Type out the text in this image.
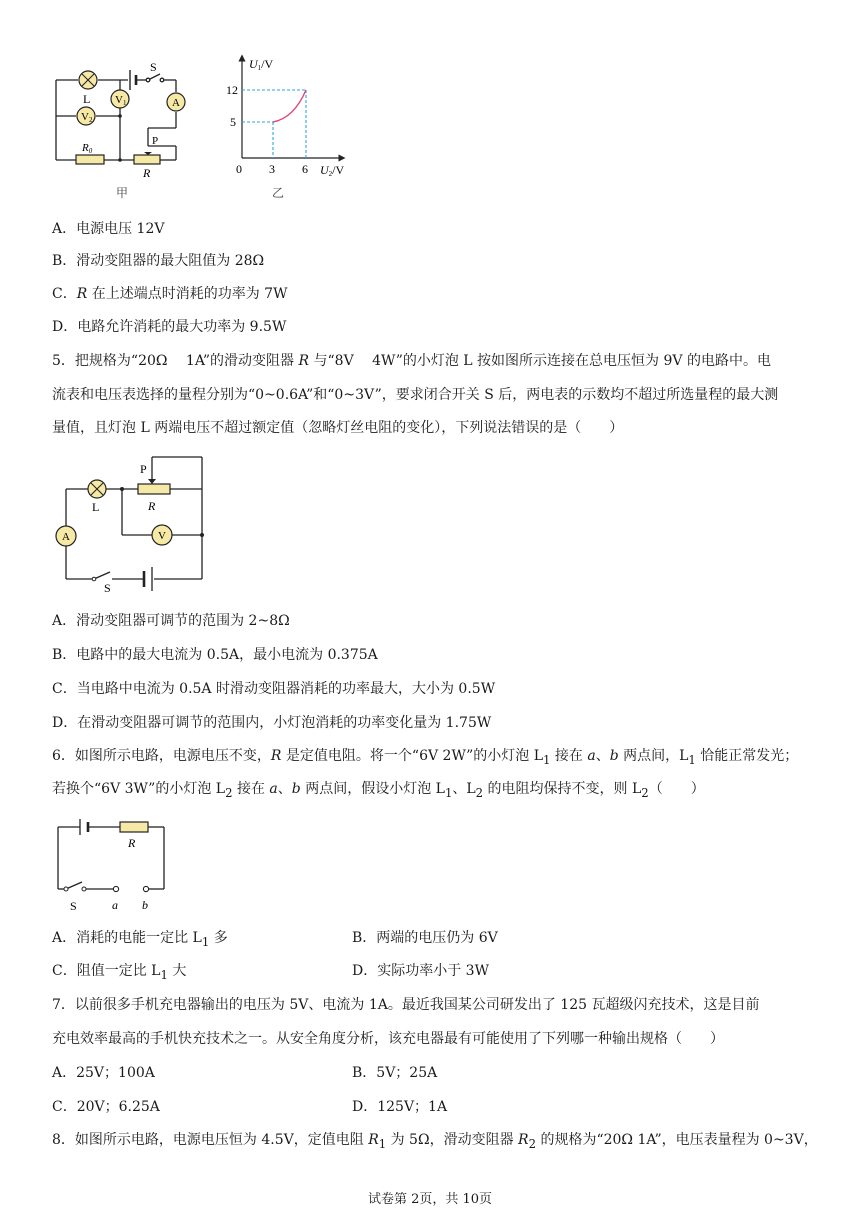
L V1
V2
A
S
R0
P
R
甲
U1/V
12
5
0 3 6 U2/V
乙
A．电源电压 12V
B．滑动变阻器的最大阻值为 28Ω
C．R 在上述端点时消耗的功率为 7W
D．电路允许消耗的最大功率为 9.5W
5．把规格为“20Ω　 1A”的滑动变阻器 R 与“8V　 4W”的小灯泡 L 按如图所示连接在总电压恒为 9V 的电路中。电
流表和电压表选择的量程分别为“0~0.6A”和“0~3V”，要求闭合开关 S 后，两电表的示数均不超过所选量程的最大测
量值，且灯泡 L 两端电压不超过额定值（忽略灯丝电阻的变化），下列说法错误的是（　　）
P
R
L
A	V
S
A．滑动变阻器可调节的范围为 2~8Ω
B．电路中的最大电流为 0.5A，最小电流为 0.375A
C．当电路中电流为 0.5A 时滑动变阻器消耗的功率最大，大小为 0.5W
D．在滑动变阻器可调节的范围内，小灯泡消耗的功率变化量为 1.75W
6．如图所示电路，电源电压不变，R 是定值电阻。将一个“6V 2W”的小灯泡 $L_1$ 接在 a、b 两点间，$L_1$ 恰能正常发光；
若换个“6V 3W”的小灯泡 $L_2$ 接在 a、b 两点间，假设小灯泡 $L_1$、$L_2$ 的电阻均保持不变，则 $L_2$（　　）
R
S	a b
A．消耗的电能一定比 $L_1$ 多	B．两端的电压仍为 6V
C．阻值一定比 $L_1$ 大	D．实际功率小于 3W
7．以前很多手机充电器输出的电压为 5V、电流为 1A。最近我国某公司研发出了 125 瓦超级闪充技术，这是目前
充电效率最高的手机快充技术之一。从安全角度分析，该充电器最有可能使用了下列哪一种输出规格（　　）
A．25V；100A	B．5V；25A
C．20V；6.25A	D．125V；1A
8．如图所示电路，电源电压恒为 4.5V，定值电阻 $R_1$ 为 5Ω，滑动变阻器 $R_2$ 的规格为“20Ω 1A”，电压表量程为 0~3V，
试卷第 2页，共 10页
